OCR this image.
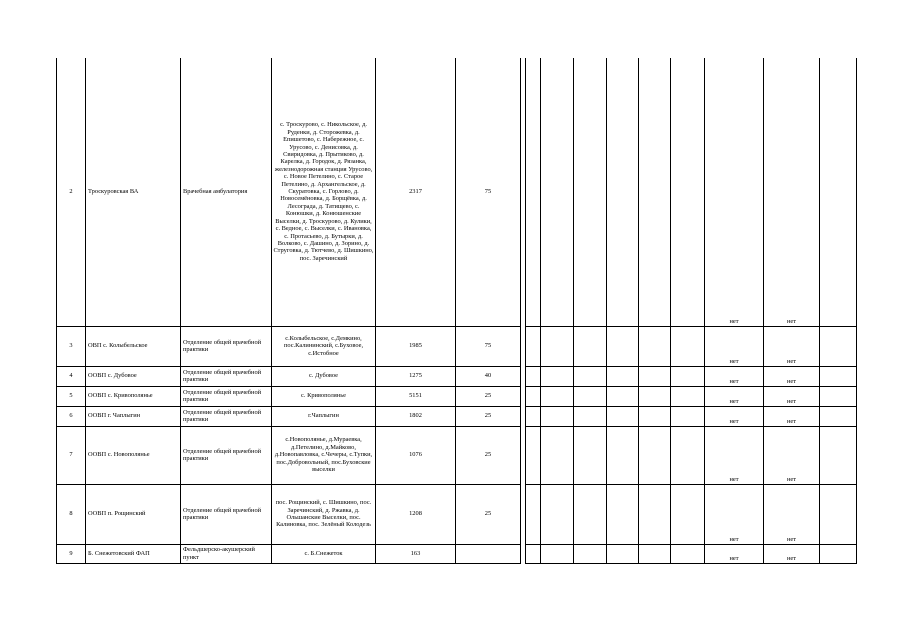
2	Троскуровская ВА	Врачебная амбулатория	с. Троскурово, с. Никольское, д. Руденки, д. Сторожевка, д. Епишетово, с. Набережное, с. Урусово, с. Денисовка, д. Свиридовка, д. Прытиково, д. Карелка, д. Городок, д. Рязанка, железнодорожная станция Урусово, с. Новое Петелино, с. Старое Петелино, д. Архангельское, д. Скуратовка, с. Горлово, д. Новосемёновка, д. Борщёвка, д. Лесограда, д. Татищево, с. Конюшки, д. Конюшенские Выселки, д. Троскурово, д. Кулики, с. Ведное, с. Выселки, с. Ивановка, с. Протасьево, д. Бутырки, д. Волково, с. Дашино, д. Зорино, д. Струговка, д. Тютчево, д. Шишкино, пос. Заречинский	2317	75								нет	нет	
3	ОВП с. Колыбельское	Отделение общей врачебной практики	с.Колыбельское, с.Демкино, пос.Калининский, с.Буховое, с.Истобное	1985	75								нет	нет	
4	ООВП с. Дубовое	Отделение общей врачебной практики	с. Дубовое	1275	40								нет	нет	
5	ООВП с. Кривополянье	Отделение общей врачебной практики	с. Кривополянье	5151	25								нет	нет	
6	ООВП г. Чаплыгин	Отделение общей врачебной практики	г.Чаплыгин	1802	25								нет	нет	
7	ООВП с. Новополянье	Отделение общей врачебной практики	с.Новополянье, д.Мураевка, д.Петелино, д.Майково, д.Новопавловка, с.Чечеры, с.Тупки, пос.Добровольный, пос.Буховские выселки	1076	25								нет	нет	
8	ООВП п. Рощинский	Отделение общей врачебной практики	пос. Рощинский, с. Шишкино, пос. Заречинский, д. Ржавка, д. Ольшанские Выселки, пос. Калиновка, пос. Зелёный Колодезь	1208	25								нет	нет	
9	Б. Снежетовский ФАП	Фельдшерско-акушерский пункт	с. Б.Снежеток	163									нет	нет	
